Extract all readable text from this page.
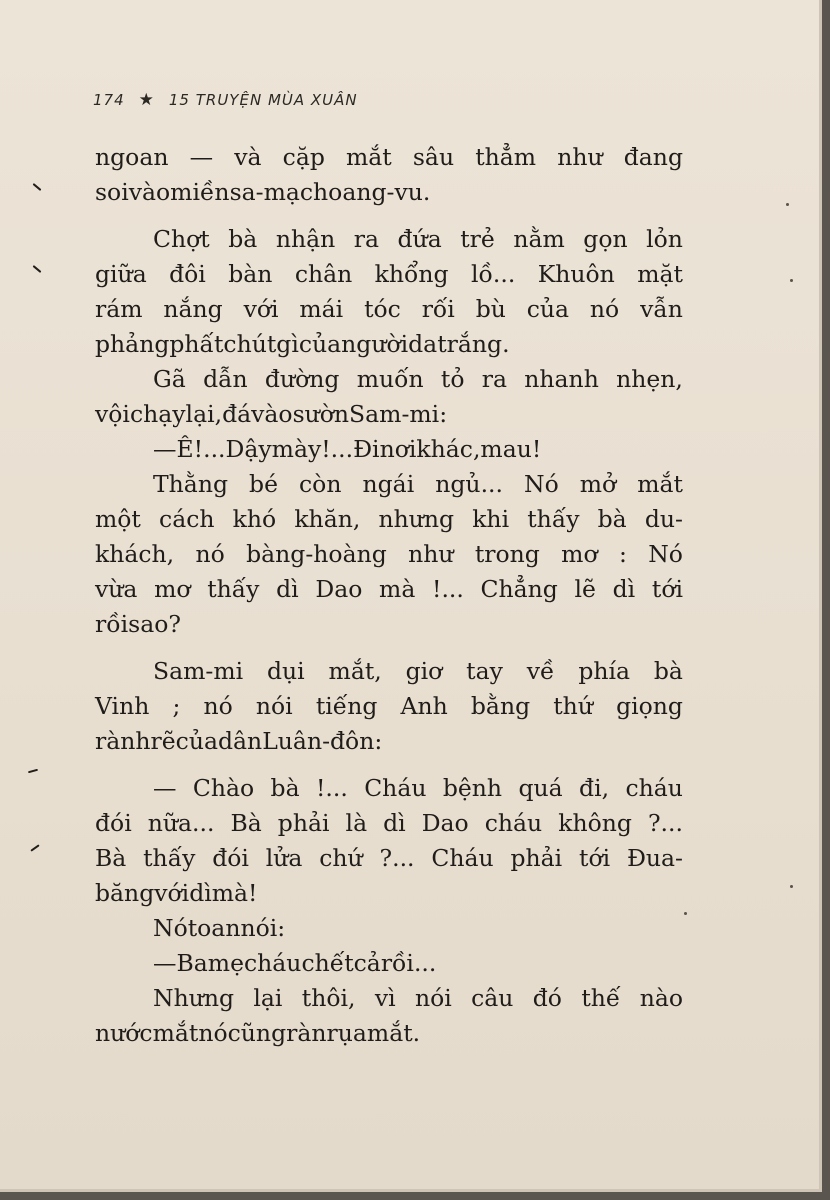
174 ★ 15 TRUYỆN MÙA XUÂN
ngoan — và cặp mắt sâu thẳm như đang
soi vào miền sa-mạc hoang-vu.
Chợt bà nhận ra đứa trẻ nằm gọn lỏn
giữa đôi bàn chân khổng lồ... Khuôn mặt
rám nắng với mái tóc rối bù của nó vẫn
phảng phất chút gì của người da trắng.
Gã dẫn đường muốn tỏ ra nhanh nhẹn,
vội chạy lại, đá vào sườn Sam-mi :
— Ê !... Dậy mày !... Đi nơi khác, mau !
Thằng bé còn ngái ngủ... Nó mở mắt
một cách khó khăn, nhưng khi thấy bà du-
khách, nó bàng-hoàng như trong mơ : Nó
vừa mơ thấy dì Dao mà !... Chẳng lẽ dì tới
rồi sao ?
Sam-mi dụi mắt, giơ tay về phía bà
Vinh ; nó nói tiếng Anh bằng thứ giọng
rành rẽ của dân Luân-đôn :
— Chào bà !... Cháu bệnh quá đi, cháu
đói nữa... Bà phải là dì Dao cháu không ?...
Bà thấy đói lửa chứ ?... Cháu phải tới Đua-
băng với dì mà !
Nó toan nói :
— Ba mẹ cháu chết cả rồi...
Nhưng lại thôi, vì nói câu đó thế nào
nước mắt nó cũng ràn rụa mắt.
